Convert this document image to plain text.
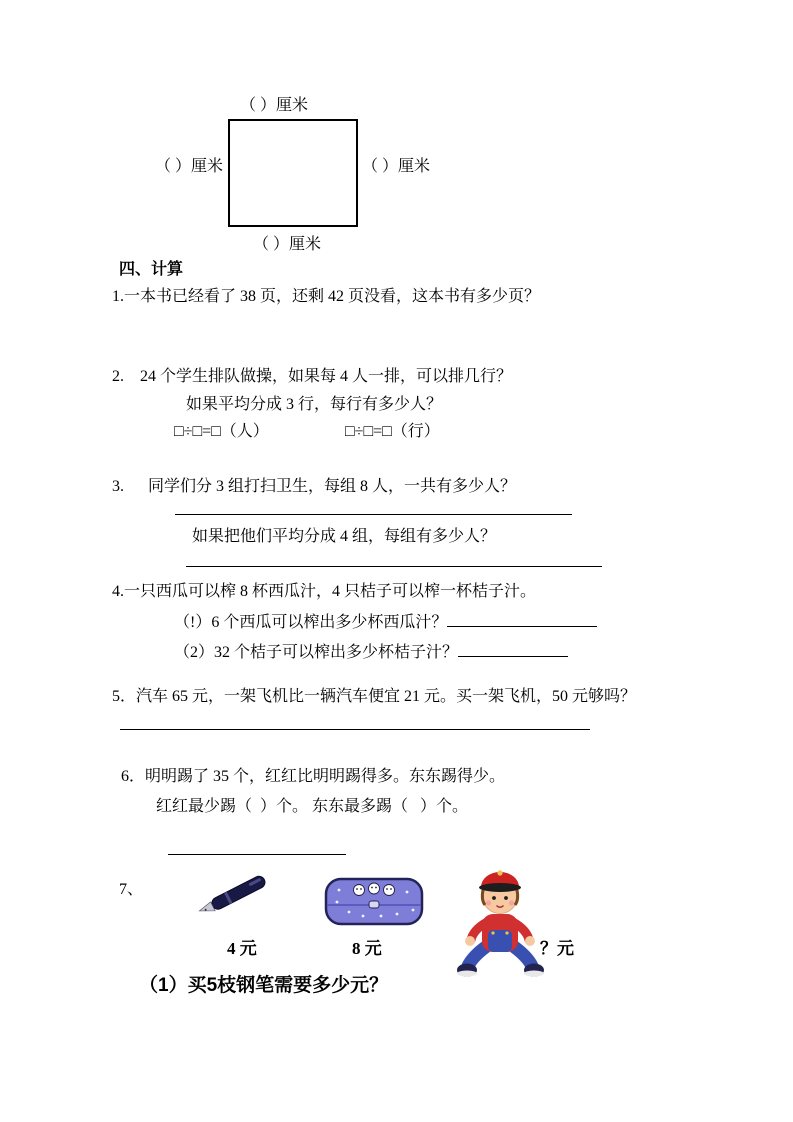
（ ）厘米
（ ）厘米	（ ）厘米
（ ）厘米
四、计算
1.一本书已经看了 38 页，还剩 42 页没看，这本书有多少页？
2.    24 个学生排队做操，如果每 4 人一排，可以排几行？
如果平均分成 3 行，每行有多少人？
□÷□=□（人）	□÷□=□（行）
3.      同学们分 3 组打扫卫生，每组 8 人，一共有多少人？
如果把他们平均分成 4 组，每组有多少人？
4.一只西瓜可以榨 8 杯西瓜汁，4 只桔子可以榨一杯桔子汁。
（!）6 个西瓜可以榨出多少杯西瓜汁？
（2）32 个桔子可以榨出多少杯桔子汁？
5．汽车 65 元，一架飞机比一辆汽车便宜 21 元。买一架飞机，50 元够吗？
6．明明踢了 35 个，红红比明明踢得多。东东踢得少。
红红最少踢（  ）个。 东东最多踢（   ）个。
7、
4 元	8 元	？元
（1）买5枝钢笔需要多少元？
